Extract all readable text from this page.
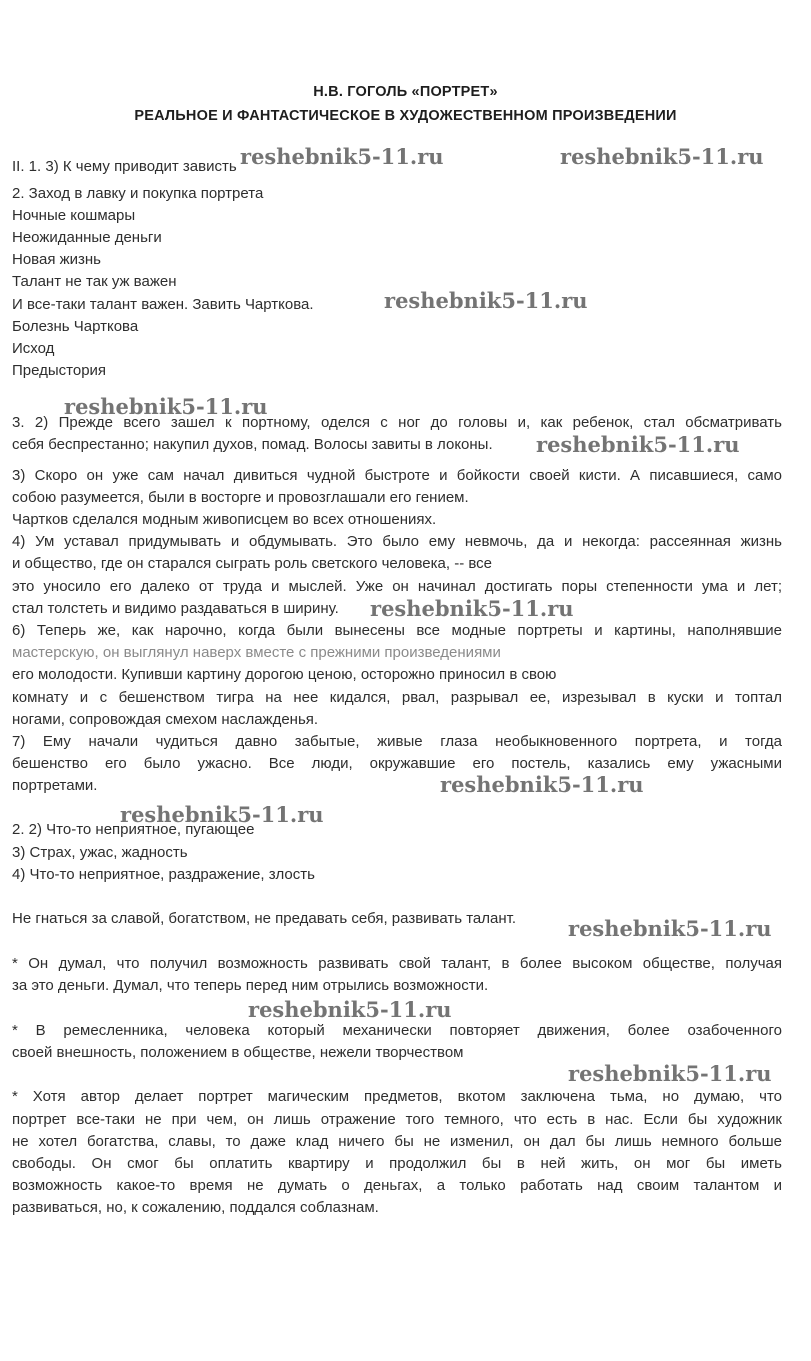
Н.В. ГОГОЛЬ «ПОРТРЕТ»
РЕАЛЬНОЕ И ФАНТАСТИЧЕСКОЕ В ХУДОЖЕСТВЕННОМ ПРОИЗВЕДЕНИИ
II. 1. 3) К чему приводит зависть
2. Заход в лавку и покупка портрета
Ночные кошмары
Неожиданные деньги
Новая жизнь
Талант не так уж важен
И все-таки талант важен. Завить Чарткова.
Болезнь Чарткова
Исход
Предыстория
3. 2) Прежде всего зашел к портному, оделся с ног до головы и, как ребенок, стал обсматривать
себя беспрестанно; накупил духов, помад. Волосы завиты в локоны.
3) Скоро он уже сам начал дивиться чудной быстроте и бойкости своей кисти. А писавшиеся, само
собою разумеется, были в восторге и провозглашали его гением.
Чартков сделался модным живописцем во всех отношениях.
4) Ум уставал придумывать и обдумывать. Это было ему невмочь, да и некогда: рассеянная жизнь
и общество, где он старался сыграть роль светского человека, -- все
это уносило его далеко от труда и мыслей. Уже он начинал достигать поры степенности ума и лет;
стал толстеть и видимо раздаваться в ширину.
6) Теперь же, как нарочно, когда были вынесены все модные портреты и картины, наполнявшие
мастерскую, он выглянул наверх вместе с прежними произведениями
его молодости. Купивши картину дорогою ценою, осторожно приносил в свою
комнату и с бешенством тигра на нее кидался, рвал, разрывал ее, изрезывал в куски и топтал
ногами, сопровождая смехом наслажденья.
7) Ему начали чудиться давно забытые, живые глаза необыкновенного портрета, и тогда
бешенство его было ужасно. Все люди, окружавшие его постель, казались ему ужасными
портретами.
2. 2) Что-то неприятное, пугающее
3) Страх, ужас, жадность
4) Что-то неприятное, раздражение, злость
Не гнаться за славой, богатством, не предавать себя, развивать талант.
* Он думал, что получил возможность развивать свой талант, в более высоком обществе, получая
за это деньги. Думал, что теперь перед ним отрылись возможности.
* В ремесленника, человека который механически повторяет движения, более озабоченного
своей внешность, положением в обществе, нежели творчеством
* Хотя автор делает портрет магическим предметов, вкотом заключена тьма, но думаю, что
портрет все-таки не при чем, он лишь отражение того темного, что есть в нас. Если бы художник
не хотел богатства, славы, то даже клад ничего бы не изменил, он дал бы лишь немного больше
свободы. Он смог бы оплатить квартиру и продолжил бы в ней жить, он мог бы иметь
возможность какое-то время не думать о деньгах, а только работать над своим талантом и
развиваться, но, к сожалению, поддался соблазнам.
reshebnik5-11.ru	reshebnik5-11.ru
reshebnik5-11.ru
reshebnik5-11.ru
reshebnik5-11.ru
reshebnik5-11.ru
reshebnik5-11.ru
reshebnik5-11.ru
reshebnik5-11.ru
reshebnik5-11.ru
reshebnik5-11.ru
